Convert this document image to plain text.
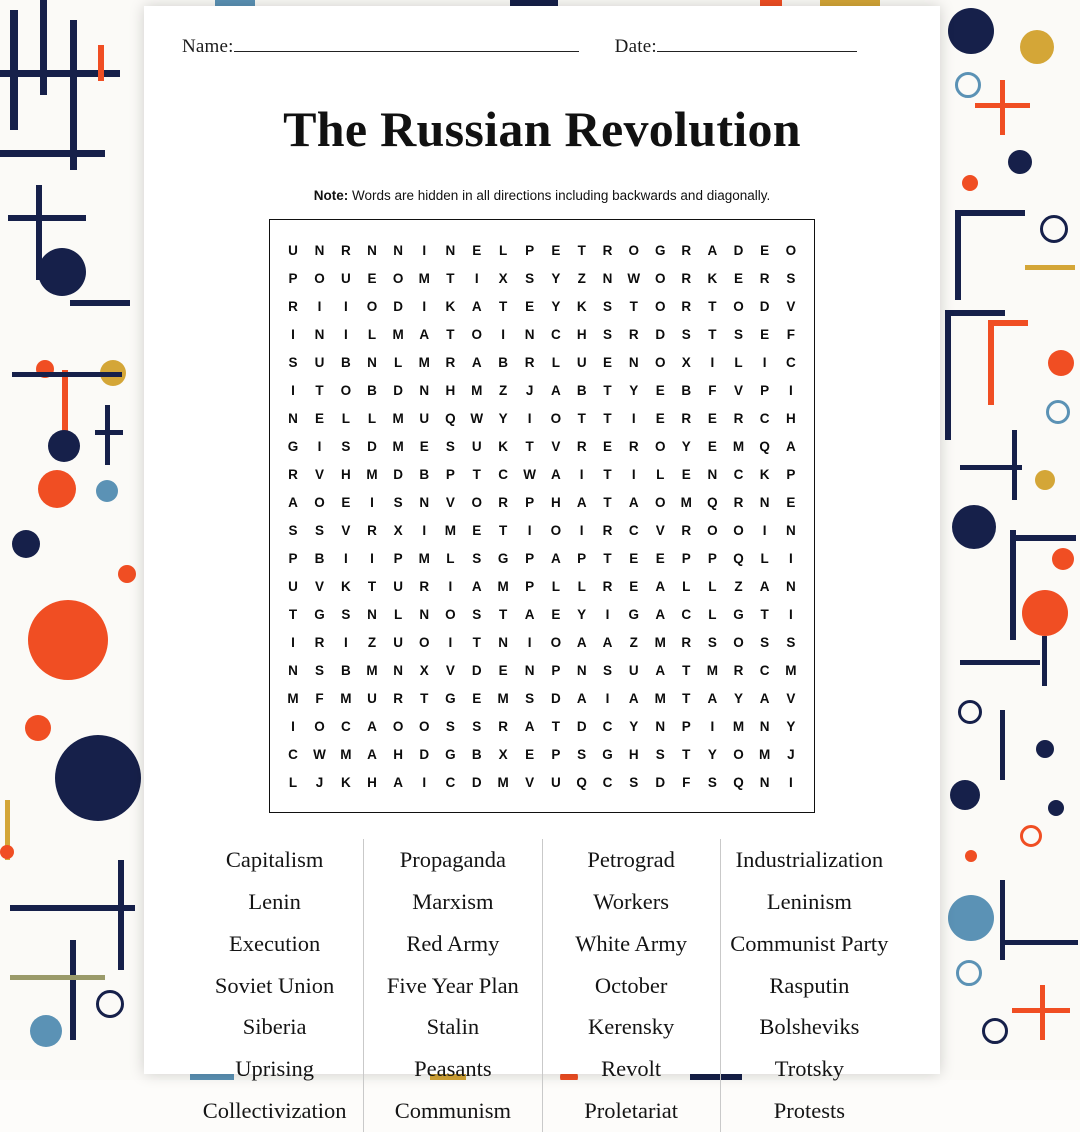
Name:	Date:
The Russian Revolution
Note: Words are hidden in all directions including backwards and diagonally.
U	N	R	N	N	I	N	E	L	P	E	T	R	O	G	R	A	D	E	O
P	O	U	E	O	M	T	I	X	S	Y	Z	N	W	O	R	K	E	R	S
R	I	I	O	D	I	K	A	T	E	Y	K	S	T	O	R	T	O	D	V
I	N	I	L	M	A	T	O	I	N	C	H	S	R	D	S	T	S	E	F
S	U	B	N	L	M	R	A	B	R	L	U	E	N	O	X	I	L	I	C
I	T	O	B	D	N	H	M	Z	J	A	B	T	Y	E	B	F	V	P	I
N	E	L	L	M	U	Q	W	Y	I	O	T	T	I	E	R	E	R	C	H
G	I	S	D	M	E	S	U	K	T	V	R	E	R	O	Y	E	M	Q	A
R	V	H	M	D	B	P	T	C	W	A	I	T	I	L	E	N	C	K	P
A	O	E	I	S	N	V	O	R	P	H	A	T	A	O	M	Q	R	N	E
S	S	V	R	X	I	M	E	T	I	O	I	R	C	V	R	O	O	I	N
P	B	I	I	P	M	L	S	G	P	A	P	T	E	E	P	P	Q	L	I
U	V	K	T	U	R	I	A	M	P	L	L	R	E	A	L	L	Z	A	N
T	G	S	N	L	N	O	S	T	A	E	Y	I	G	A	C	L	G	T	I
I	R	I	Z	U	O	I	T	N	I	O	A	A	Z	M	R	S	O	S	S
N	S	B	M	N	X	V	D	E	N	P	N	S	U	A	T	M	R	C	M
M	F	M	U	R	T	G	E	M	S	D	A	I	A	M	T	A	Y	A	V
I	O	C	A	O	O	S	S	R	A	T	D	C	Y	N	P	I	M	N	Y
C	W	M	A	H	D	G	B	X	E	P	S	G	H	S	T	Y	O	M	J
L	J	K	H	A	I	C	D	M	V	U	Q	C	S	D	F	S	Q	N	I
Capitalism
Lenin
Execution
Soviet Union
Siberia
Uprising
Collectivization
Propaganda
Marxism
Red Army
Five Year Plan
Stalin
Peasants
Communism
Petrograd
Workers
White Army
October
Kerensky
Revolt
Proletariat
Industrialization
Leninism
Communist Party
Rasputin
Bolsheviks
Trotsky
Protests
